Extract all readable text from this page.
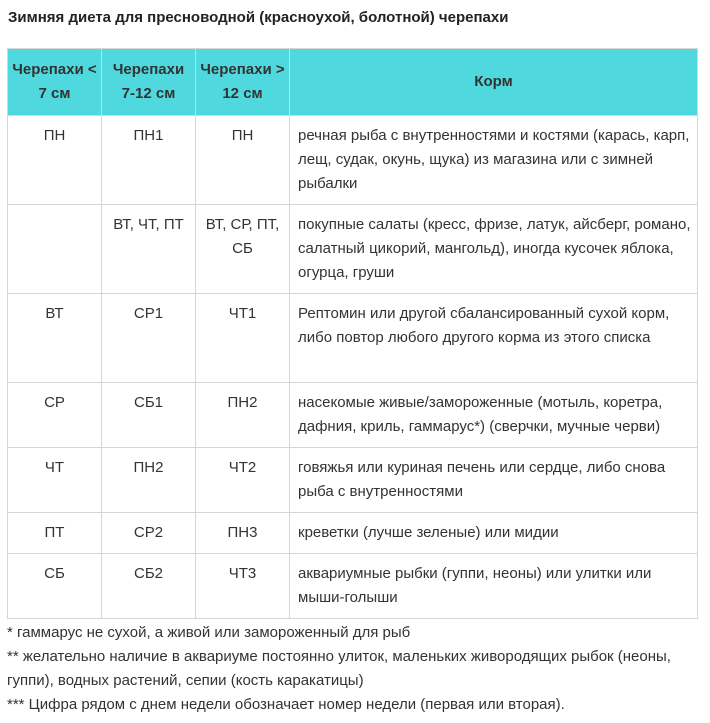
Зимняя диета для пресноводной (красноухой, болотной) черепахи
Черепахи < 7 см	Черепахи 7-12 см	Черепахи > 12 см	Корм
ПН	ПН1	ПН	речная рыба с внутренностями и костями (карась, карп, лещ, судак, окунь, щука) из магазина или с зимней рыбалки
	ВТ, ЧТ, ПТ	ВТ, СР, ПТ, СБ	покупные салаты (кресс, фризе, латук, айсберг, романо, салатный цикорий, мангольд), иногда кусочек яблока, огурца, груши
ВТ	СР1	ЧТ1	Рептомин или другой сбалансированный сухой корм, либо повтор любого другого корма из этого списка
СР	СБ1	ПН2	насекомые живые/замороженные (мотыль, коретра, дафния, криль, гаммарус*) (сверчки, мучные черви)
ЧТ	ПН2	ЧТ2	говяжья или куриная печень или сердце, либо снова рыба с внутренностями
ПТ	СР2	ПН3	креветки (лучше зеленые) или мидии
СБ	СБ2	ЧТ3	аквариумные рыбки (гуппи, неоны) или улитки или мыши-голыши

* гаммарус не сухой, а живой или замороженный для рыб

** желательно наличие в аквариуме постоянно улиток, маленьких живородящих рыбок (неоны, гуппи), водных растений, сепии (кость каракатицы)

*** Цифра рядом с днем недели обозначает номер недели (первая или вторая).
